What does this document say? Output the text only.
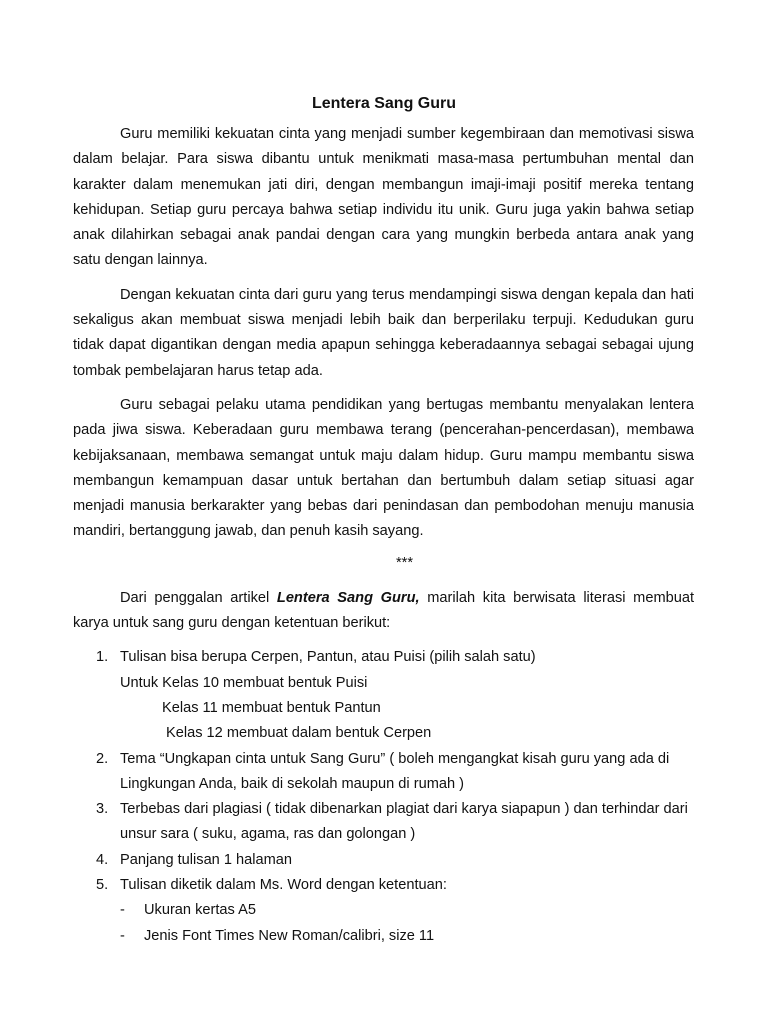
Lentera Sang Guru

Guru memiliki kekuatan cinta yang menjadi sumber kegembiraan dan memotivasi siswa dalam belajar. Para siswa dibantu untuk menikmati masa-masa pertumbuhan mental dan karakter dalam menemukan jati diri, dengan membangun imaji-imaji positif mereka tentang kehidupan. Setiap guru percaya bahwa setiap individu itu unik. Guru juga yakin bahwa setiap anak dilahirkan sebagai anak pandai dengan cara yang mungkin berbeda antara anak yang satu dengan lainnya.

Dengan kekuatan cinta dari guru yang terus mendampingi siswa dengan kepala dan hati sekaligus akan membuat siswa menjadi lebih baik dan berperilaku terpuji. Kedudukan guru tidak dapat digantikan dengan media apapun sehingga keberadaannya sebagai sebagai ujung tombak pembelajaran harus tetap ada.

Guru sebagai pelaku utama pendidikan yang bertugas membantu menyalakan lentera pada jiwa siswa. Keberadaan guru membawa terang (pencerahan-pencerdasan), membawa kebijaksanaan, membawa semangat untuk maju dalam hidup. Guru mampu membantu siswa membangun kemampuan dasar untuk bertahan dan bertumbuh dalam setiap situasi agar menjadi manusia berkarakter yang bebas dari penindasan dan pembodohan menuju manusia mandiri, bertanggung jawab, dan penuh kasih sayang.

***

Dari penggalan artikel Lentera Sang Guru, marilah kita berwisata literasi membuat karya untuk sang guru dengan ketentuan berikut:

1. Tulisan bisa berupa Cerpen, Pantun, atau Puisi (pilih salah satu)
Untuk Kelas 10 membuat bentuk Puisi
Kelas 11 membuat bentuk Pantun
Kelas 12 membuat dalam bentuk Cerpen
2. Tema “Ungkapan cinta untuk Sang Guru” ( boleh mengangkat kisah guru yang ada di Lingkungan Anda, baik di sekolah maupun di rumah )
3. Terbebas dari plagiasi ( tidak dibenarkan plagiat dari karya siapapun ) dan terhindar dari unsur sara ( suku, agama, ras dan golongan )
4. Panjang tulisan 1 halaman
5. Tulisan diketik dalam Ms. Word dengan ketentuan:
- Ukuran kertas A5
- Jenis Font Times New Roman/calibri, size 11
